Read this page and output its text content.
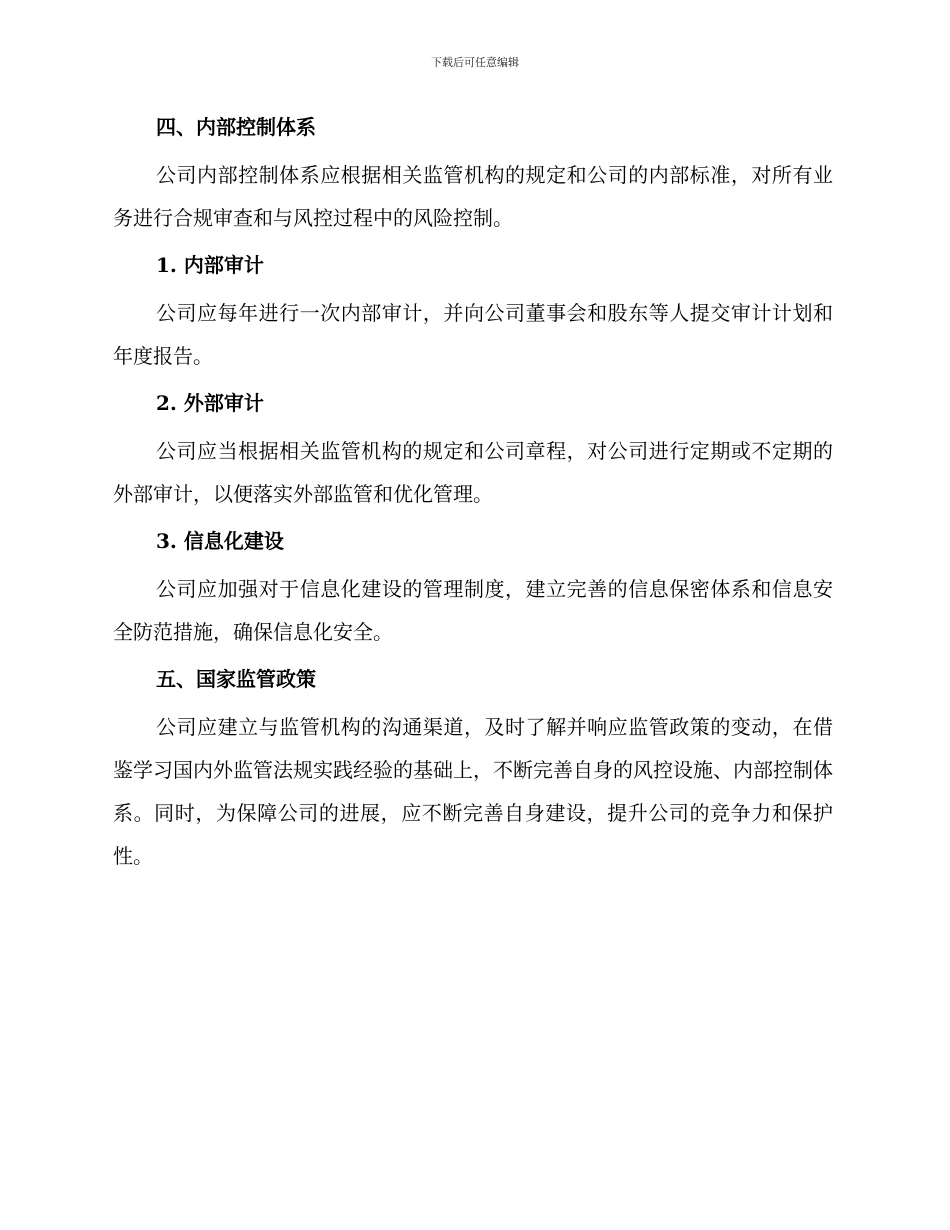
下载后可任意编辑
四、内部控制体系

公司内部控制体系应根据相关监管机构的规定和公司的内部标准，对所有业务进行合规审查和与风控过程中的风险控制。

1. 内部审计

公司应每年进行一次内部审计，并向公司董事会和股东等人提交审计计划和年度报告。

2. 外部审计

公司应当根据相关监管机构的规定和公司章程，对公司进行定期或不定期的外部审计，以便落实外部监管和优化管理。

3. 信息化建设

公司应加强对于信息化建设的管理制度，建立完善的信息保密体系和信息安全防范措施，确保信息化安全。

五、国家监管政策

公司应建立与监管机构的沟通渠道，及时了解并响应监管政策的变动，在借鉴学习国内外监管法规实践经验的基础上，不断完善自身的风控设施、内部控制体系。同时，为保障公司的进展，应不断完善自身建设，提升公司的竞争力和保护性。
